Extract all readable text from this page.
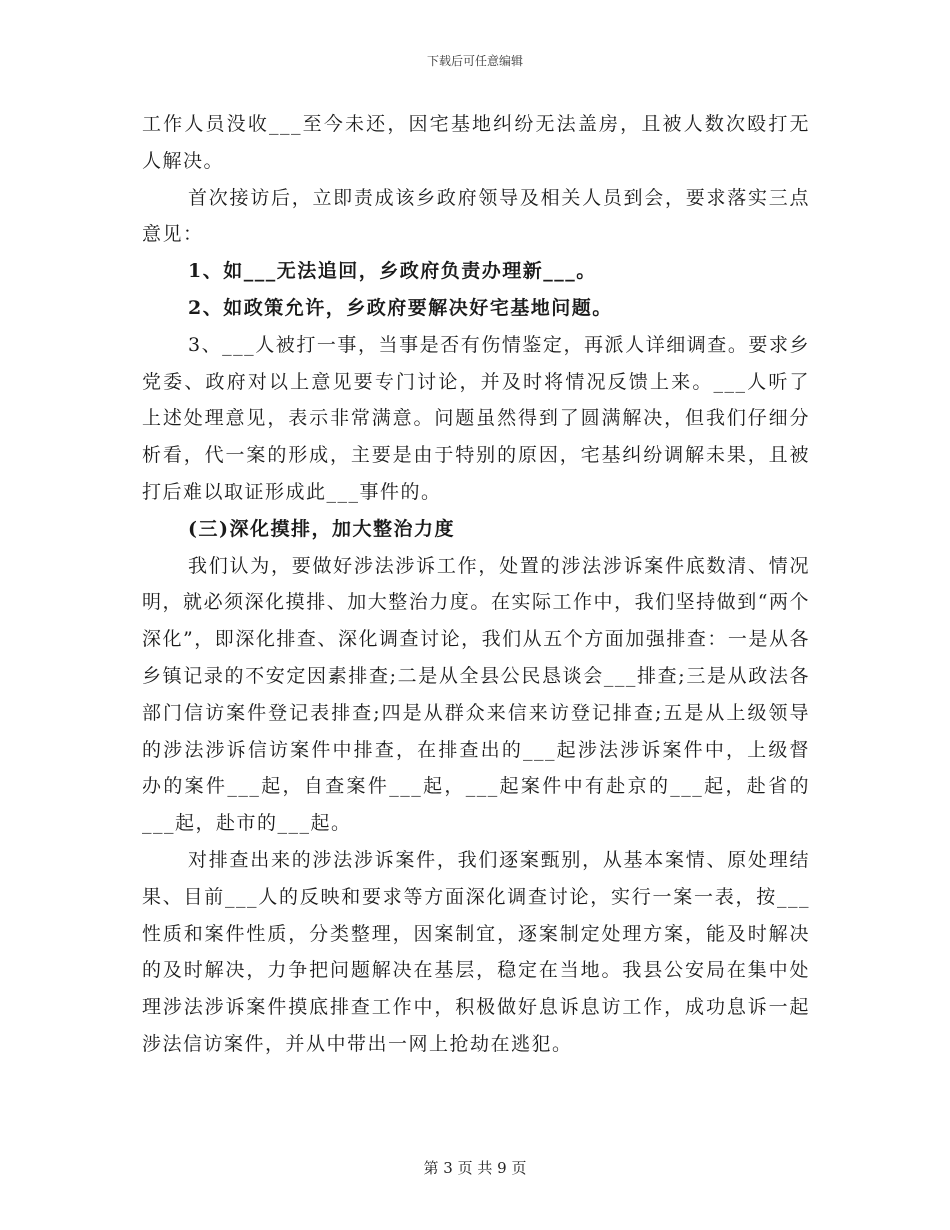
下载后可任意编辑

工作人员没收___至今未还，因宅基地纠纷无法盖房，且被人数次殴打无人解决。

首次接访后，立即责成该乡政府领导及相关人员到会，要求落实三点意见：

1、如___无法追回，乡政府负责办理新___。

2、如政策允许，乡政府要解决好宅基地问题。

3、___人被打一事，当事是否有伤情鉴定，再派人详细调查。要求乡党委、政府对以上意见要专门讨论，并及时将情况反馈上来。___人听了上述处理意见，表示非常满意。问题虽然得到了圆满解决，但我们仔细分析看，代一案的形成，主要是由于特别的原因，宅基纠纷调解未果，且被打后难以取证形成此___事件的。

(三)深化摸排，加大整治力度

我们认为，要做好涉法涉诉工作，处置的涉法涉诉案件底数清、情况明，就必须深化摸排、加大整治力度。在实际工作中，我们坚持做到“两个深化”，即深化排查、深化调查讨论，我们从五个方面加强排查：一是从各乡镇记录的不安定因素排查;二是从全县公民恳谈会___排查;三是从政法各部门信访案件登记表排查;四是从群众来信来访登记排查;五是从上级领导的涉法涉诉信访案件中排查，在排查出的___起涉法涉诉案件中，上级督办的案件___起，自查案件___起，___起案件中有赴京的___起，赴省的___起，赴市的___起。

对排查出来的涉法涉诉案件，我们逐案甄别，从基本案情、原处理结果、目前___人的反映和要求等方面深化调查讨论，实行一案一表，按___性质和案件性质，分类整理，因案制宜，逐案制定处理方案，能及时解决的及时解决，力争把问题解决在基层，稳定在当地。我县公安局在集中处理涉法涉诉案件摸底排查工作中，积极做好息诉息访工作，成功息诉一起涉法信访案件，并从中带出一网上抢劫在逃犯。

第 3 页 共 9 页
